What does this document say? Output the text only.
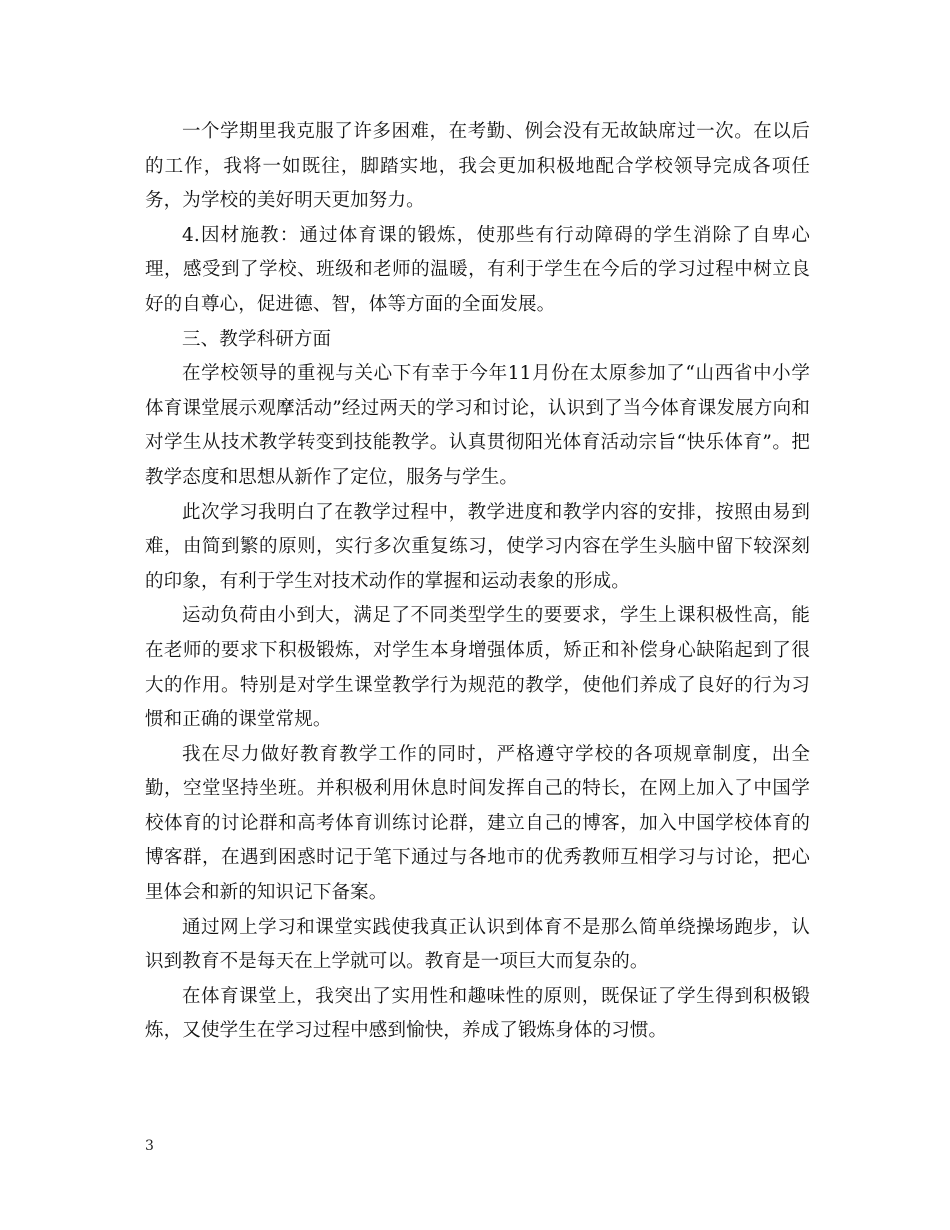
一个学期里我克服了许多困难，在考勤、例会没有无故缺席过一次。在以后的工作，我将一如既往，脚踏实地，我会更加积极地配合学校领导完成各项任务，为学校的美好明天更加努力。

4.因材施教：通过体育课的锻炼，使那些有行动障碍的学生消除了自卑心理，感受到了学校、班级和老师的温暖，有利于学生在今后的学习过程中树立良好的自尊心，促进德、智，体等方面的全面发展。

三、教学科研方面

在学校领导的重视与关心下有幸于今年11月份在太原参加了“山西省中小学体育课堂展示观摩活动”经过两天的学习和讨论，认识到了当今体育课发展方向和对学生从技术教学转变到技能教学。认真贯彻阳光体育活动宗旨“快乐体育”。把教学态度和思想从新作了定位，服务与学生。

此次学习我明白了在教学过程中，教学进度和教学内容的安排，按照由易到难，由简到繁的原则，实行多次重复练习，使学习内容在学生头脑中留下较深刻的印象，有利于学生对技术动作的掌握和运动表象的形成。

运动负荷由小到大，满足了不同类型学生的要要求，学生上课积极性高，能在老师的要求下积极锻炼，对学生本身增强体质，矫正和补偿身心缺陷起到了很大的作用。特别是对学生课堂教学行为规范的教学，使他们养成了良好的行为习惯和正确的课堂常规。

我在尽力做好教育教学工作的同时，严格遵守学校的各项规章制度，出全勤，空堂坚持坐班。并积极利用休息时间发挥自己的特长，在网上加入了中国学校体育的讨论群和高考体育训练讨论群，建立自己的博客，加入中国学校体育的博客群，在遇到困惑时记于笔下通过与各地市的优秀教师互相学习与讨论，把心里体会和新的知识记下备案。

通过网上学习和课堂实践使我真正认识到体育不是那么简单绕操场跑步，认识到教育不是每天在上学就可以。教育是一项巨大而复杂的。

在体育课堂上，我突出了实用性和趣味性的原则，既保证了学生得到积极锻炼，又使学生在学习过程中感到愉快，养成了锻炼身体的习惯。

3
